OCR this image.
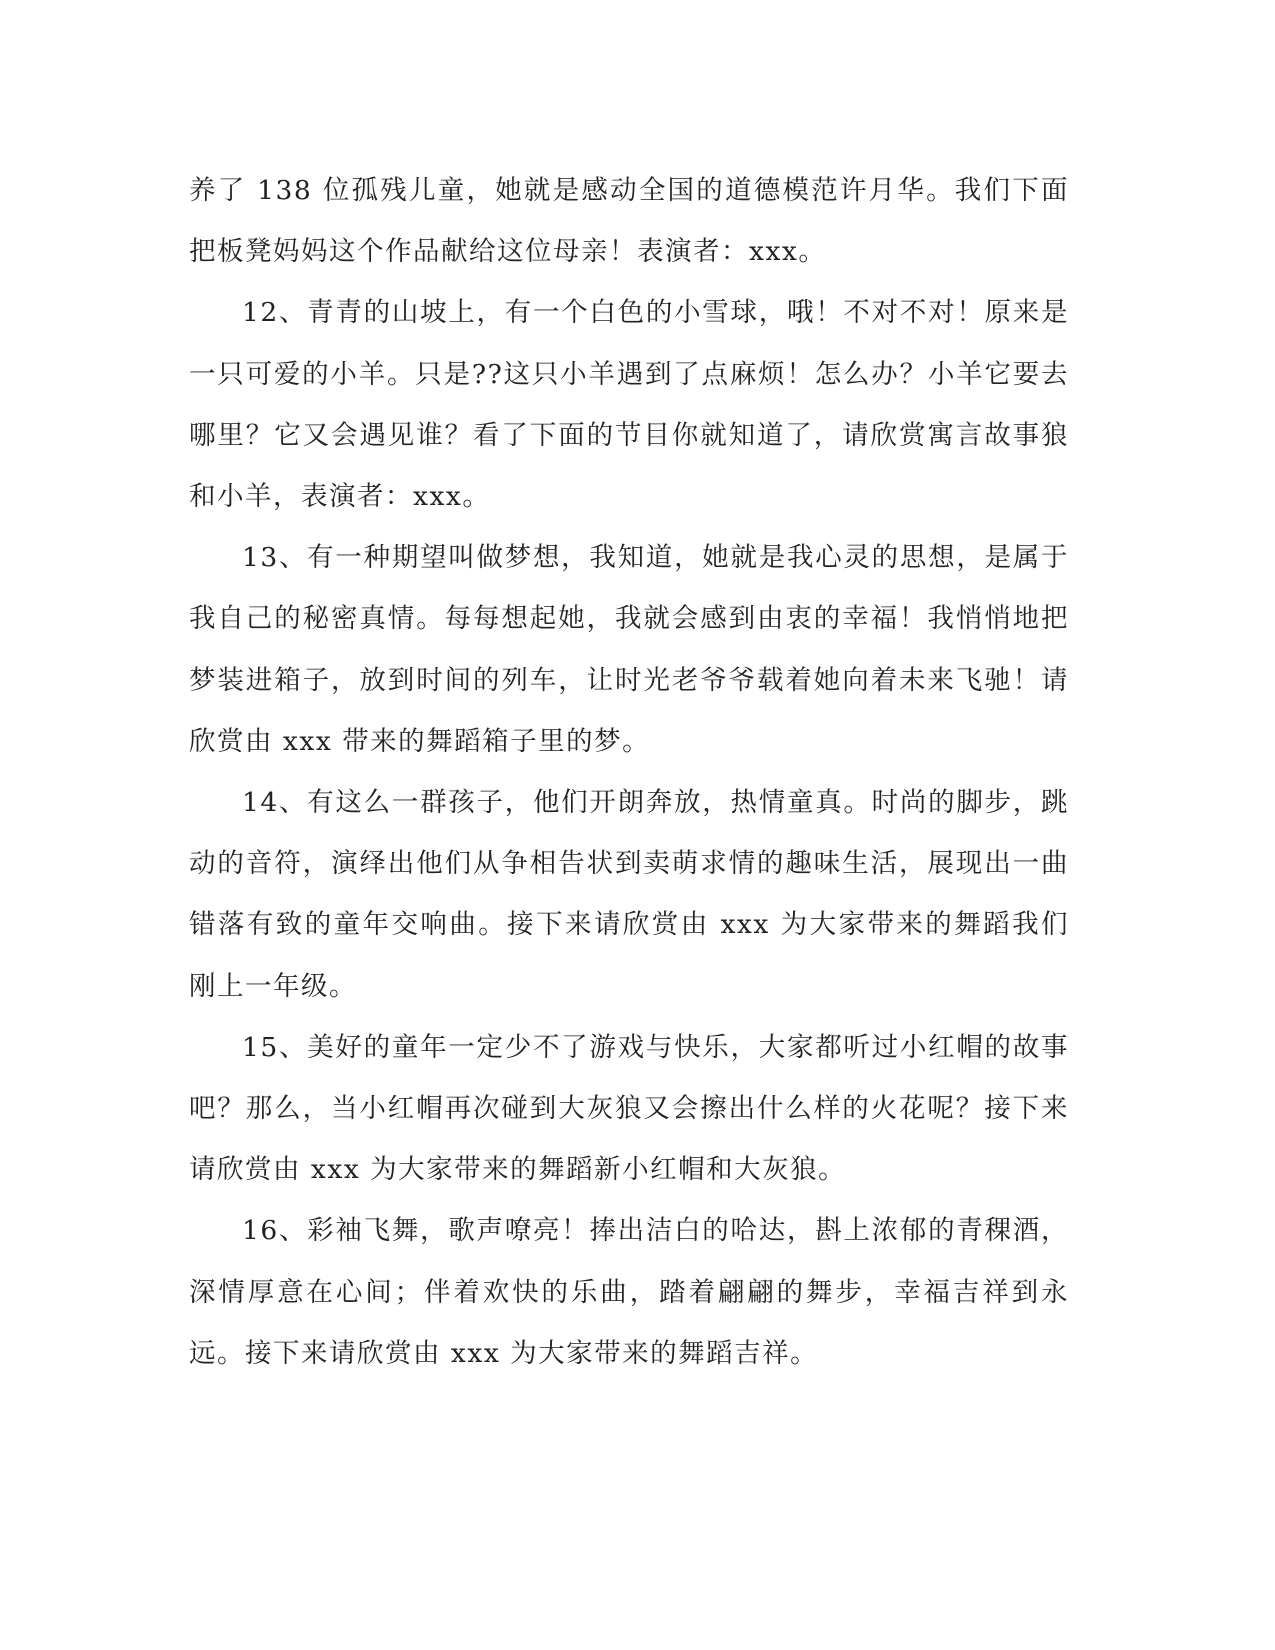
养了 138 位孤残儿童，她就是感动全国的道德模范许月华。我们下面把板凳妈妈这个作品献给这位母亲！表演者：xxx。

12、青青的山坡上，有一个白色的小雪球，哦！不对不对！原来是一只可爱的小羊。只是??这只小羊遇到了点麻烦！怎么办？小羊它要去哪里？它又会遇见谁？看了下面的节目你就知道了，请欣赏寓言故事狼和小羊，表演者：xxx。

13、有一种期望叫做梦想，我知道，她就是我心灵的思想，是属于我自己的秘密真情。每每想起她，我就会感到由衷的幸福！我悄悄地把梦装进箱子，放到时间的列车，让时光老爷爷载着她向着未来飞驰！请欣赏由 xxx 带来的舞蹈箱子里的梦。

14、有这么一群孩子，他们开朗奔放，热情童真。时尚的脚步，跳动的音符，演绎出他们从争相告状到卖萌求情的趣味生活，展现出一曲错落有致的童年交响曲。接下来请欣赏由 xxx 为大家带来的舞蹈我们刚上一年级。

15、美好的童年一定少不了游戏与快乐，大家都听过小红帽的故事吧？那么，当小红帽再次碰到大灰狼又会擦出什么样的火花呢？接下来请欣赏由 xxx 为大家带来的舞蹈新小红帽和大灰狼。

16、彩袖飞舞，歌声嘹亮！捧出洁白的哈达，斟上浓郁的青稞酒，深情厚意在心间；伴着欢快的乐曲，踏着翩翩的舞步，幸福吉祥到永远。接下来请欣赏由 xxx 为大家带来的舞蹈吉祥。
